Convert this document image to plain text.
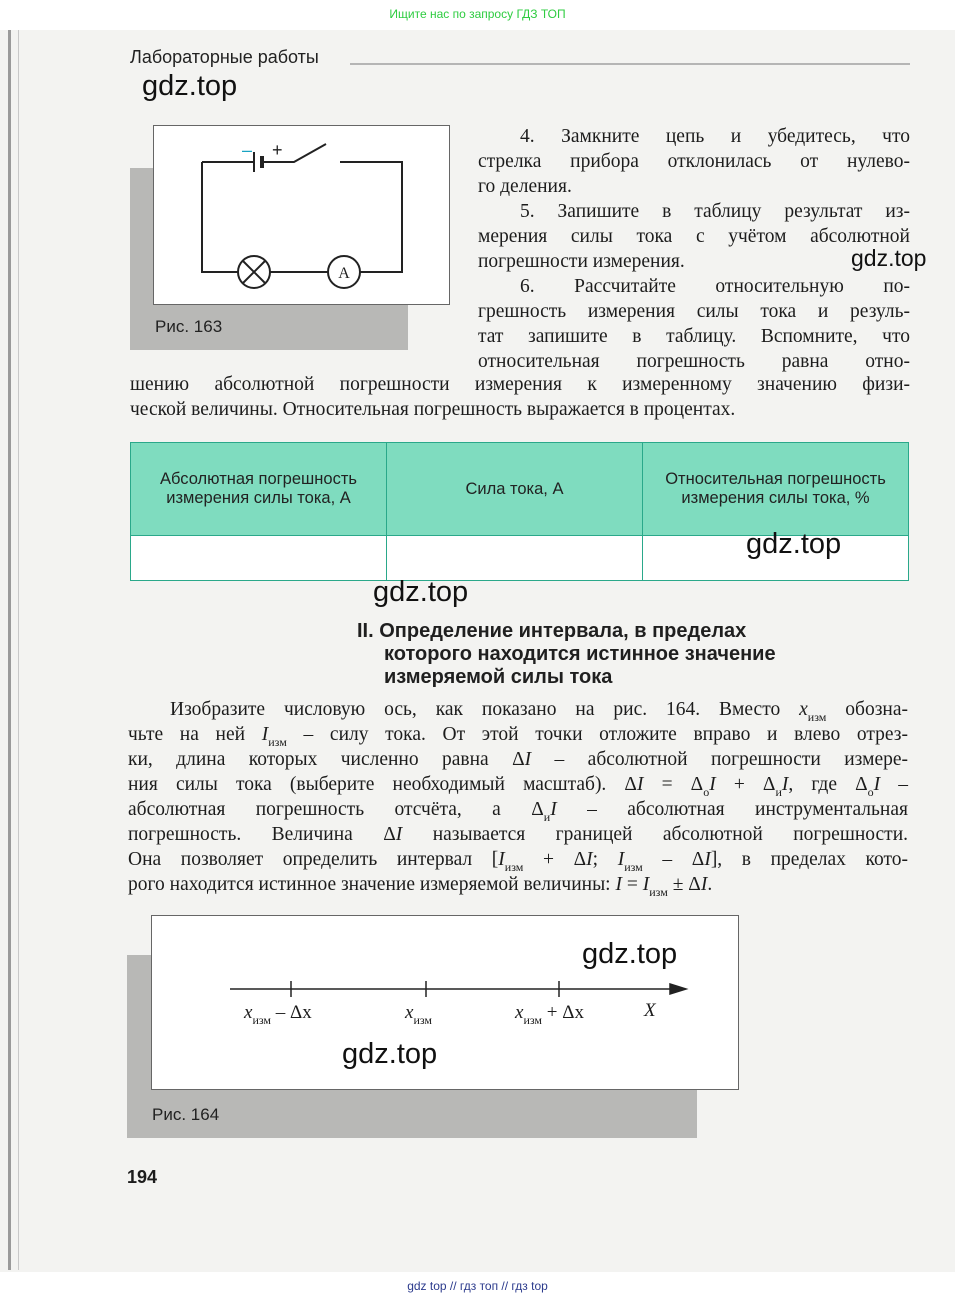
Ищите нас по запросу ГДЗ ТОП
Лабораторные работы
– +
A
Рис. 163
4. Замкните цепь и убедитесь, что
стрелка прибора отклонилась от нулево-
го деления.
5. Запишите в таблицу результат из-
мерения силы тока с учётом абсолютной
погрешности измерения.
6. Рассчитайте относительную по-
грешность измерения силы тока и резуль-
тат запишите в таблицу. Вспомните, что
относительная погрешность равна отно-
шению абсолютной погрешности измерения к измеренному значению физи-
ческой величины. Относительная погрешность выражается в процентах.
Абсолютная погрешность измерения силы тока, А	Сила тока, А	Относительная погрешность измерения силы тока, %

II. Определение интервала, в пределах
которого находится истинное значение
измеряемой силы тока
Изобразите числовую ось, как показано на рис. 164. Вместо $x_{изм}$ обозна-
чьте на ней $I_{изм}$ – силу тока. От этой точки отложите вправо и влево отрез-
ки, длина которых численно равна ΔI – абсолютной погрешности измере-
ния силы тока (выберите необходимый масштаб). $\Delta I = \Delta_оI + \Delta_иI$, где $\Delta_оI$ –
абсолютная погрешность отсчёта, а $\Delta_иI$ – абсолютная инструментальная
погрешность. Величина ΔI называется границей абсолютной погрешности.
Она позволяет определить интервал [$I_{изм} + \Delta I$; $I_{изм} - \Delta I$], в пределах кото-
рого находится истинное значение измеряемой величины: $I = I_{изм} \pm \Delta I$.
$x_{изм}$ – Δx	$x_{изм}$	$x_{изм} + \Delta x$	X
Рис. 164
gdz.top
gdz.top
gdz.top
gdz.top
gdz.top
gdz.top
194
gdz top // гдз топ // гдз top
